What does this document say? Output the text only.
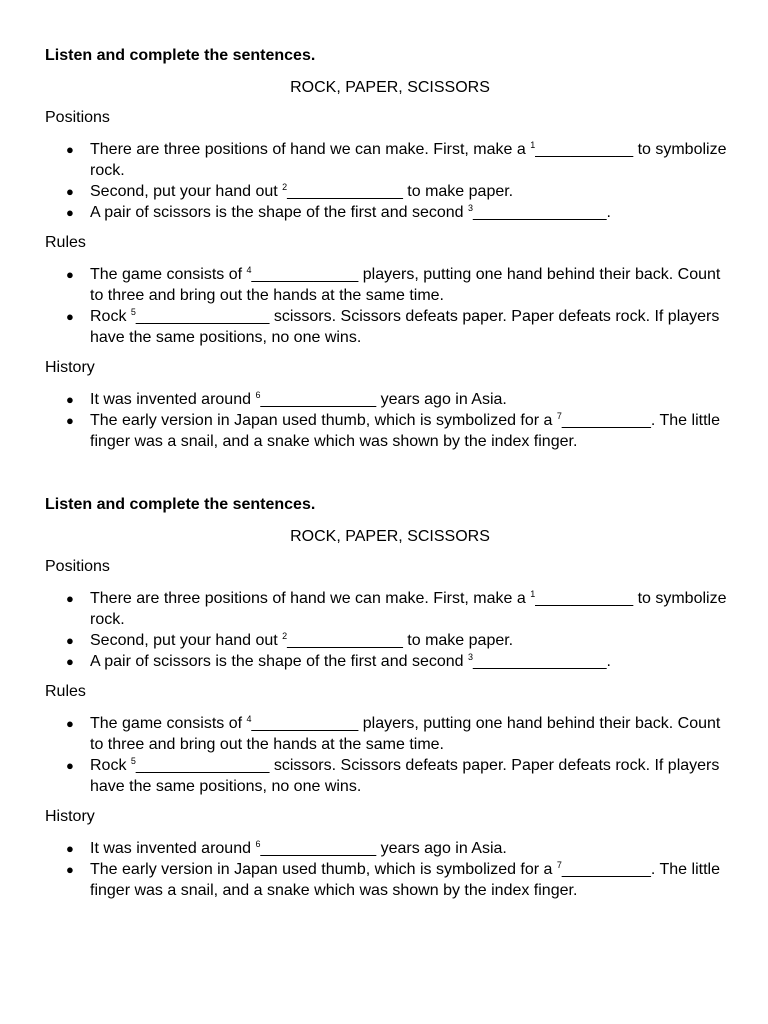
Listen and complete the sentences.

ROCK, PAPER, SCISSORS

Positions

● There are three positions of hand we can make. First, make a $^1$___________ to symbolize rock.
● Second, put your hand out $^2$_____________ to make paper.
● A pair of scissors is the shape of the first and second $^3$_______________.

Rules

● The game consists of $^4$____________ players, putting one hand behind their back. Count to three and bring out the hands at the same time.
● Rock $^5$_______________ scissors. Scissors defeats paper. Paper defeats rock. If players have the same positions, no one wins.

History

● It was invented around $^6$_____________ years ago in Asia.
● The early version in Japan used thumb, which is symbolized for a $^7$__________. The little finger was a snail, and a snake which was shown by the index finger.

Listen and complete the sentences.

ROCK, PAPER, SCISSORS

Positions

● There are three positions of hand we can make. First, make a $^1$___________ to symbolize rock.
● Second, put your hand out $^2$_____________ to make paper.
● A pair of scissors is the shape of the first and second $^3$_______________.

Rules

● The game consists of $^4$____________ players, putting one hand behind their back. Count to three and bring out the hands at the same time.
● Rock $^5$_______________ scissors. Scissors defeats paper. Paper defeats rock. If players have the same positions, no one wins.

History

● It was invented around $^6$_____________ years ago in Asia.
● The early version in Japan used thumb, which is symbolized for a $^7$__________. The little finger was a snail, and a snake which was shown by the index finger.
